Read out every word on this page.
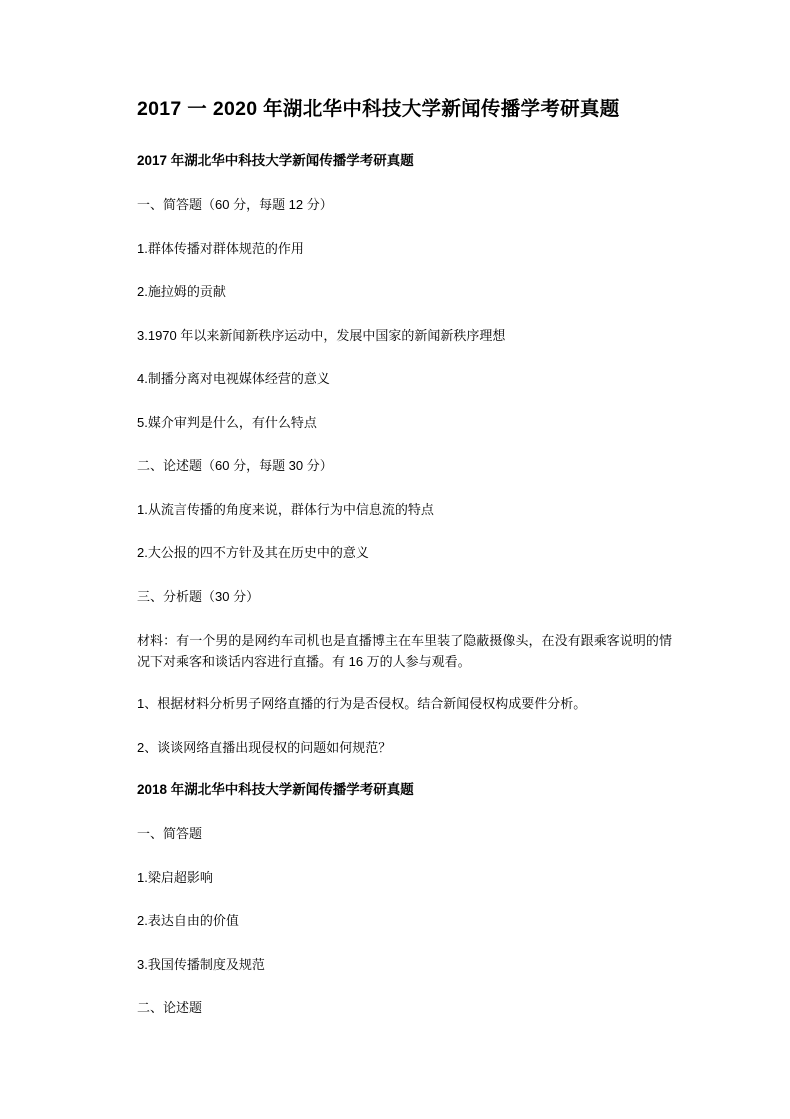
2017 一 2020 年湖北华中科技大学新闻传播学考研真题
2017 年湖北华中科技大学新闻传播学考研真题

一、简答题（60 分，每题 12 分）

1.群体传播对群体规范的作用

2.施拉姆的贡献

3.1970 年以来新闻新秩序运动中，发展中国家的新闻新秩序理想

4.制播分离对电视媒体经营的意义

5.媒介审判是什么，有什么特点

二、论述题（60 分，每题 30 分）

1.从流言传播的角度来说，群体行为中信息流的特点

2.大公报的四不方针及其在历史中的意义

三、分析题（30 分）

材料：有一个男的是网约车司机也是直播博主在车里装了隐蔽摄像头，在没有跟乘客说明的情况下对乘客和谈话内容进行直播。有 16 万的人参与观看。

1、根据材料分析男子网络直播的行为是否侵权。结合新闻侵权构成要件分析。

2、谈谈网络直播出现侵权的问题如何规范？

2018 年湖北华中科技大学新闻传播学考研真题

一、简答题

1.梁启超影响

2.表达自由的价值

3.我国传播制度及规范

二、论述题
